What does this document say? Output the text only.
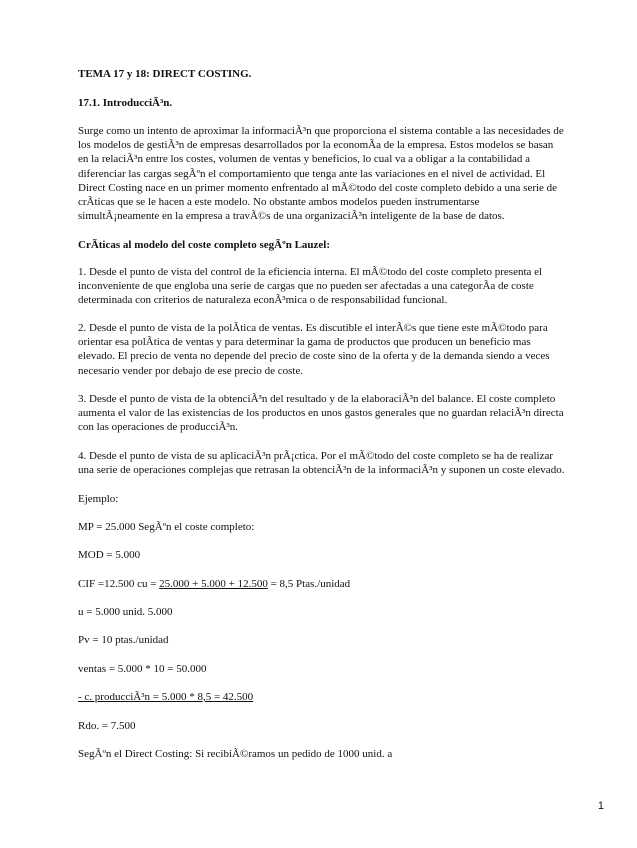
TEMA 17 y 18: DIRECT COSTING.

17.1. IntroducciÃ³n.

Surge como un intento de aproximar la informaciÃ³n que proporciona el sistema contable a las necesidades de
los modelos de gestiÃ³n de empresas desarrollados por la economÃa de la empresa. Estos modelos se basan
en la relaciÃ³n entre los costes, volumen de ventas y beneficios, lo cual va a obligar a la contabilidad a
diferenciar las cargas segÃºn el comportamiento que tenga ante las variaciones en el nivel de actividad. El
Direct Costing nace en un primer momento enfrentado al mÃ©todo del coste completo debido a una serie de
crÃticas que se le hacen a este modelo. No obstante ambos modelos pueden instrumentarse
simultÃ¡neamente en la empresa a travÃ©s de una organizaciÃ³n inteligente de la base de datos.

CrÃticas al modelo del coste completo segÃºn Lauzel:

1. Desde el punto de vista del control de la eficiencia interna. El mÃ©todo del coste completo presenta el
inconveniente de que engloba una serie de cargas que no pueden ser afectadas a una categorÃa de coste
determinada con criterios de naturaleza econÃ³mica o de responsabilidad funcional.
2. Desde el punto de vista de la polÃtica de ventas. Es discutible el interÃ©s que tiene este mÃ©todo para
orientar esa polÃtica de ventas y para determinar la gama de productos que producen un beneficio mas
elevado. El precio de venta no depende del precio de coste sino de la oferta y de la demanda siendo a veces
necesario vender por debajo de ese precio de coste.
3. Desde el punto de vista de la obtenciÃ³n del resultado y de la elaboraciÃ³n del balance. El coste completo
aumenta el valor de las existencias de los productos en unos gastos generales que no guardan relaciÃ³n directa
con las operaciones de producciÃ³n.
4. Desde el punto de vista de su aplicaciÃ³n prÃ¡ctica. Por el mÃ©todo del coste completo se ha de realizar
una serie de operaciones complejas que retrasan la obtenciÃ³n de la informaciÃ³n y suponen un coste elevado.

Ejemplo:

MP = 25.000 SegÃºn el coste completo:

MOD = 5.000

CIF =12.500 cu = 25.000 + 5.000 + 12.500 = 8,5 Ptas./unidad

u = 5.000 unid. 5.000

Pv = 10 ptas./unidad

ventas = 5.000 * 10 = 50.000

- c. producciÃ³n = 5.000 * 8,5 = 42.500

Rdo. = 7.500

SegÃºn el Direct Costing: Si recibiÃ©ramos un pedido de 1000 unid. a

1
